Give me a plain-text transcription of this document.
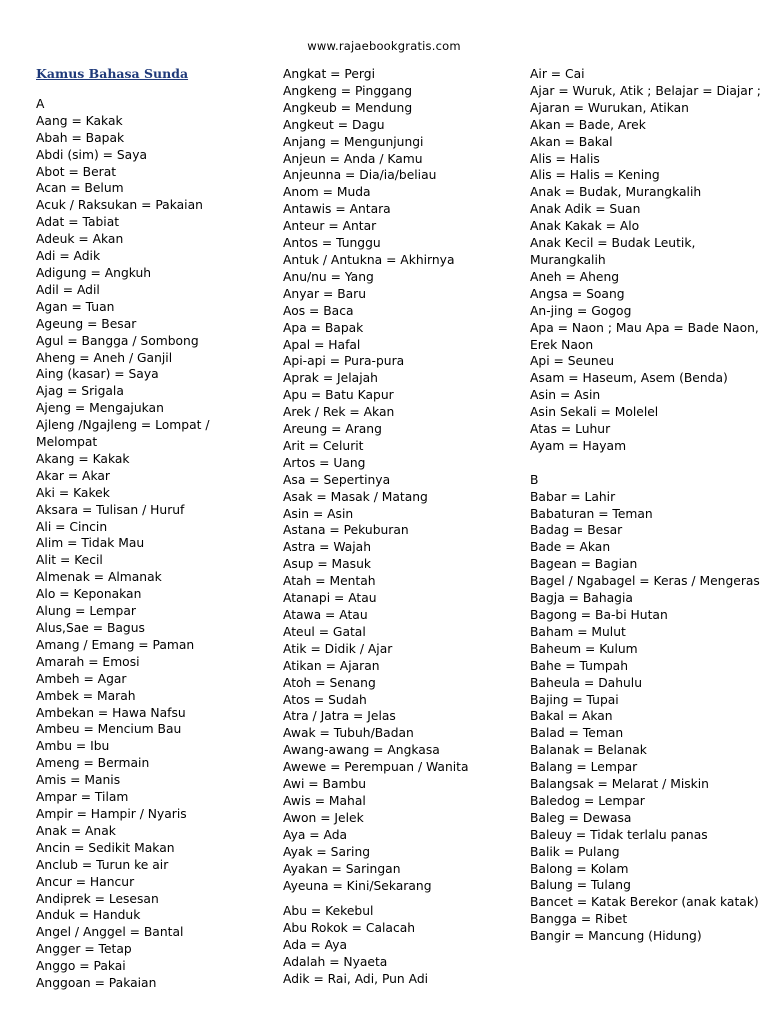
www.rajaebookgratis.com
Kamus Bahasa Sunda
A
Aang = Kakak
Abah = Bapak
Abdi (sim) = Saya
Abot = Berat
Acan = Belum
Acuk / Raksukan = Pakaian
Adat = Tabiat
Adeuk = Akan
Adi = Adik
Adigung = Angkuh
Adil = Adil
Agan = Tuan
Ageung = Besar
Agul = Bangga / Sombong
Aheng = Aneh / Ganjil
Aing (kasar) = Saya
Ajag = Srigala
Ajeng = Mengajukan
Ajleng /Ngajleng = Lompat / Melompat
Akang = Kakak
Akar = Akar
Aki = Kakek
Aksara = Tulisan / Huruf
Ali = Cincin
Alim = Tidak Mau
Alit = Kecil
Almenak = Almanak
Alo = Keponakan
Alung = Lempar
Alus,Sae = Bagus
Amang / Emang = Paman
Amarah = Emosi
Ambeh = Agar
Ambek = Marah
Ambekan = Hawa Nafsu
Ambeu = Mencium Bau
Ambu = Ibu
Ameng = Bermain
Amis = Manis
Ampar = Tilam
Ampir = Hampir / Nyaris
Anak = Anak
Ancin = Sedikit Makan
Anclub = Turun ke air
Ancur = Hancur
Andiprek = Lesesan
Anduk = Handuk
Angel / Anggel = Bantal
Angger = Tetap
Anggo = Pakai
Anggoan = Pakaian
Angkat = Pergi
Angkeng = Pinggang
Angkeub = Mendung
Angkeut = Dagu
Anjang = Mengunjungi
Anjeun = Anda / Kamu
Anjeunna = Dia/ia/beliau
Anom = Muda
Antawis = Antara
Anteur = Antar
Antos = Tunggu
Antuk / Antukna = Akhirnya
Anu/nu = Yang
Anyar = Baru
Aos = Baca
Apa = Bapak
Apal = Hafal
Api-api = Pura-pura
Aprak = Jelajah
Apu = Batu Kapur
Arek / Rek = Akan
Areung = Arang
Arit = Celurit
Artos = Uang
Asa = Sepertinya
Asak = Masak / Matang
Asin = Asin
Astana = Pekuburan
Astra = Wajah
Asup = Masuk
Atah = Mentah
Atanapi = Atau
Atawa = Atau
Ateul = Gatal
Atik = Didik / Ajar
Atikan = Ajaran
Atoh = Senang
Atos = Sudah
Atra / Jatra = Jelas
Awak = Tubuh/Badan
Awang-awang = Angkasa
Awewe = Perempuan / Wanita
Awi = Bambu
Awis = Mahal
Awon = Jelek
Aya = Ada
Ayak = Saring
Ayakan = Saringan
Ayeuna = Kini/Sekarang
Abu = Kekebul
Abu Rokok = Calacah
Ada = Aya
Adalah = Nyaeta
Adik = Rai, Adi, Pun Adi
Air = Cai
Ajar = Wuruk, Atik ; Belajar = Diajar ; Ajaran = Wurukan, Atikan
Akan = Bade, Arek
Akan = Bakal
Alis = Halis
Alis = Halis = Kening
Anak = Budak, Murangkalih
Anak Adik = Suan
Anak Kakak = Alo
Anak Kecil = Budak Leutik, Murangkalih
Aneh = Aheng
Angsa = Soang
An-jing = Gogog
Apa = Naon ; Mau Apa = Bade Naon, Erek Naon
Api = Seuneu
Asam = Haseum, Asem (Benda)
Asin = Asin
Asin Sekali = Molelel
Atas = Luhur
Ayam = Hayam
B
Babar = Lahir
Babaturan = Teman
Badag = Besar
Bade = Akan
Bagean = Bagian
Bagel / Ngabagel = Keras / Mengeras
Bagja = Bahagia
Bagong = Ba-bi Hutan
Baham = Mulut
Baheum = Kulum
Bahe = Tumpah
Baheula = Dahulu
Bajing = Tupai
Bakal = Akan
Balad = Teman
Balanak = Belanak
Balang = Lempar
Balangsak = Melarat / Miskin
Baledog = Lempar
Baleg = Dewasa
Baleuy = Tidak terlalu panas
Balik = Pulang
Balong = Kolam
Balung = Tulang
Bancet = Katak Berekor (anak katak)
Bangga = Ribet
Bangir = Mancung (Hidung)
